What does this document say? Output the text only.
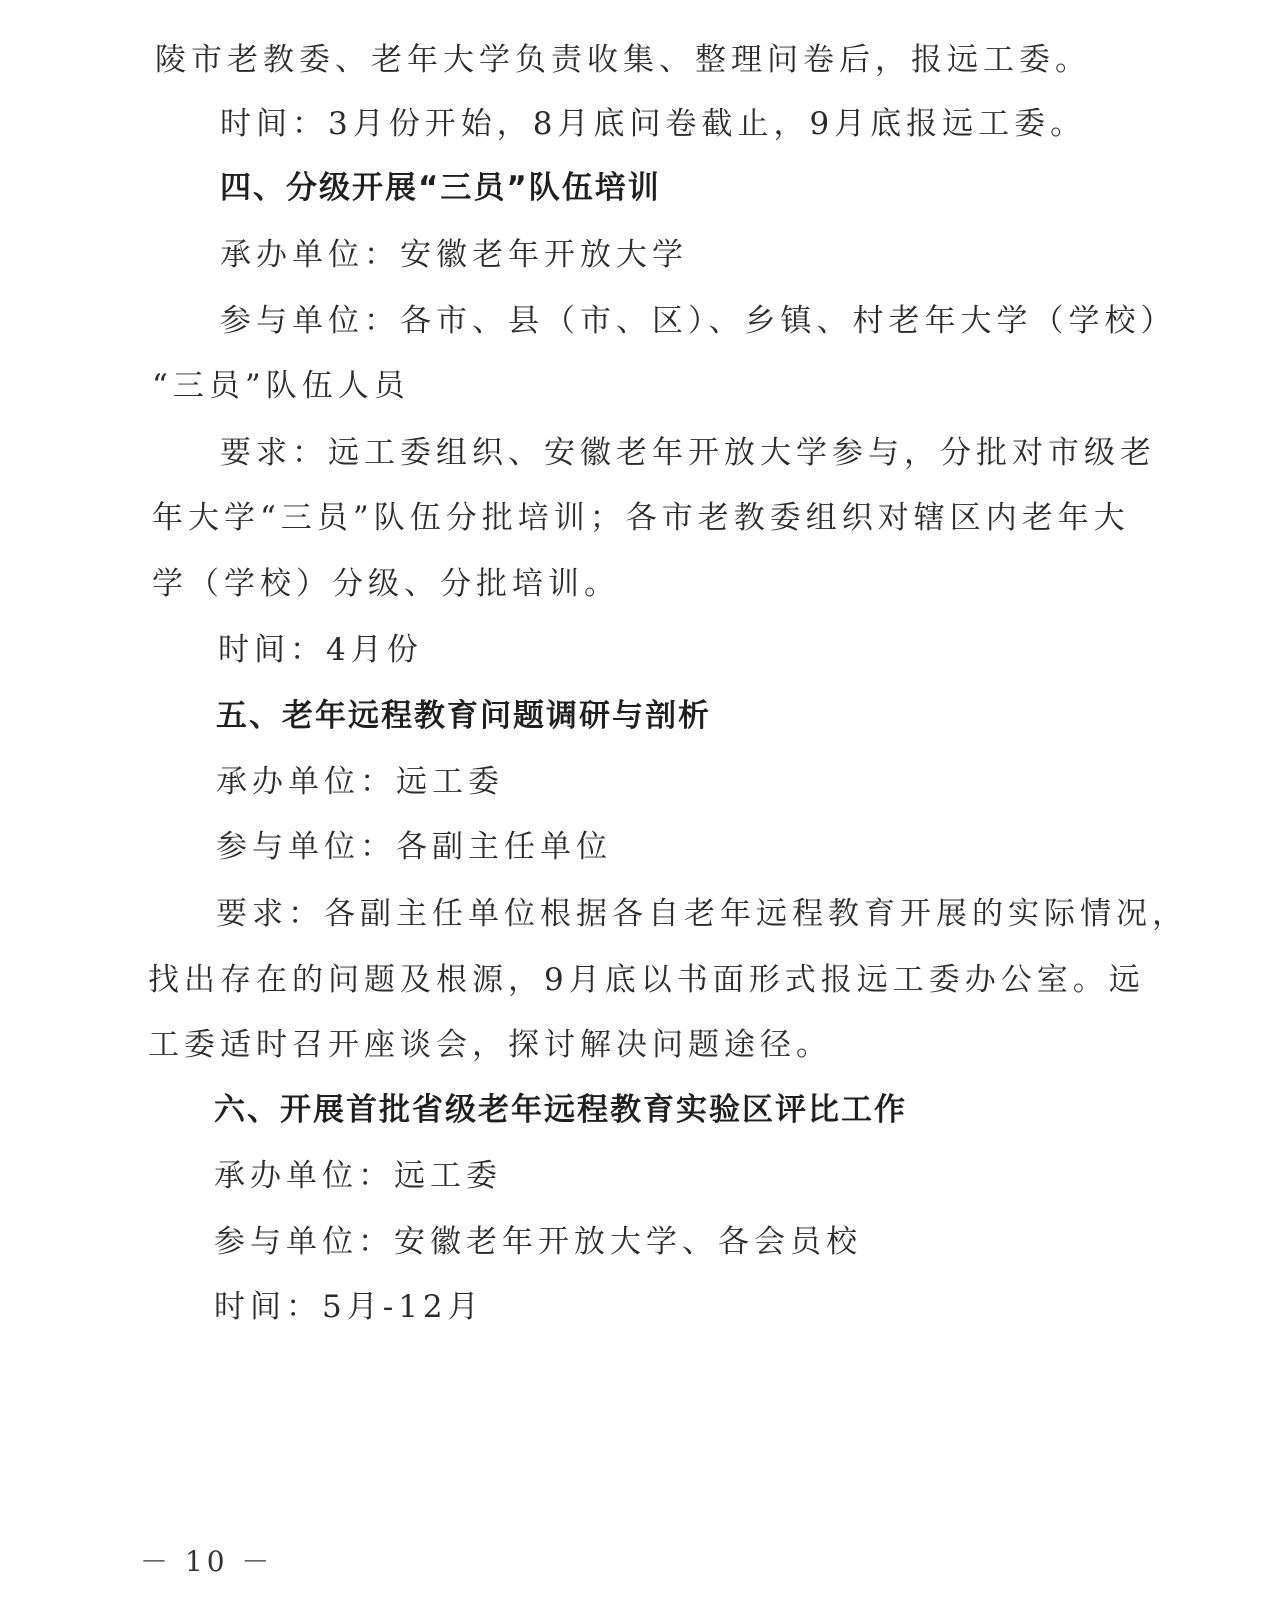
陵市老教委、老年大学负责收集、整理问卷后，报远工委。
时间：3月份开始，8月底问卷截止，9月底报远工委。
四、分级开展“三员”队伍培训
承办单位：安徽老年开放大学
参与单位：各市、县（市、区）、乡镇、村老年大学（学校）
“三员”队伍人员
要求：远工委组织、安徽老年开放大学参与，分批对市级老
年大学“三员”队伍分批培训；各市老教委组织对辖区内老年大
学（学校）分级、分批培训。
时间：4月份
五、老年远程教育问题调研与剖析
承办单位：远工委
参与单位：各副主任单位
要求：各副主任单位根据各自老年远程教育开展的实际情况，
找出存在的问题及根源，9月底以书面形式报远工委办公室。远
工委适时召开座谈会，探讨解决问题途径。
六、开展首批省级老年远程教育实验区评比工作
承办单位：远工委
参与单位：安徽老年开放大学、各会员校
时间：5月-12月
－ 10 －
